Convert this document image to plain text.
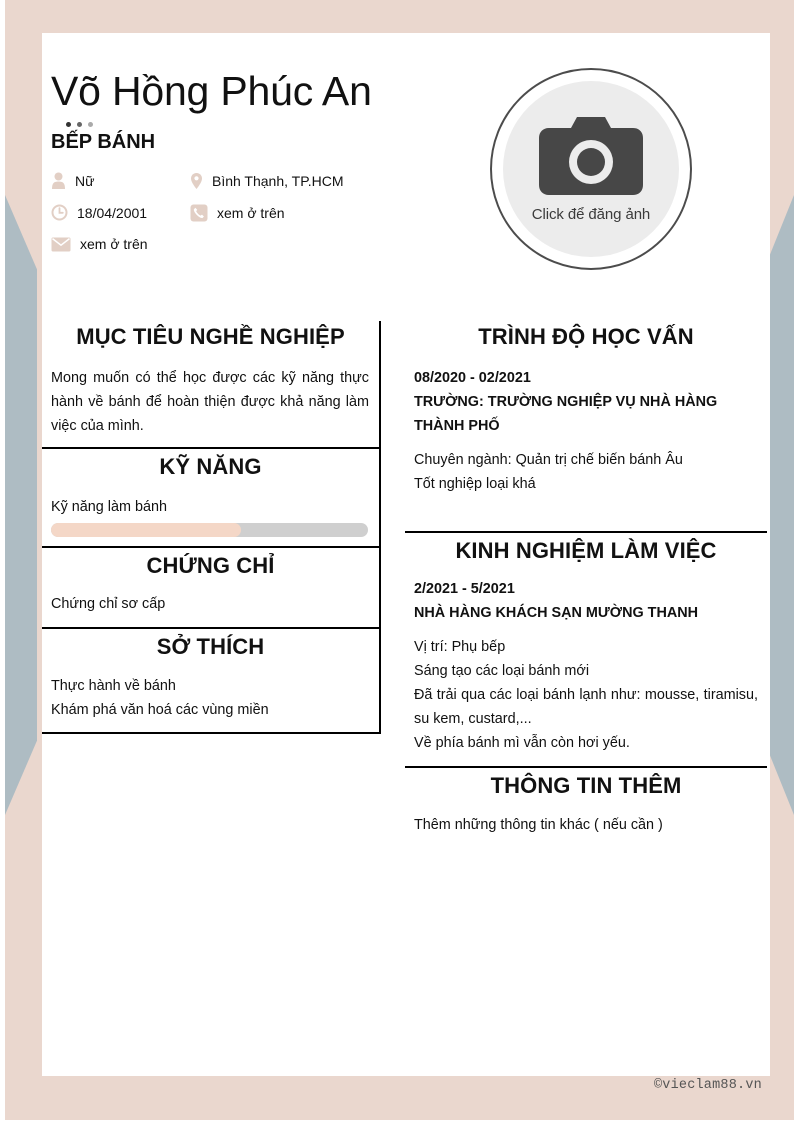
Võ Hồng Phúc An
BẾP BÁNH
Nữ	Bình Thạnh, TP.HCM
18/04/2001	xem ở trên
xem ở trên
Click để đăng ảnh
MỤC TIÊU NGHỀ NGHIỆP

Mong muốn có thể học được các kỹ năng thực hành về bánh để hoàn thiện được khả năng làm việc của mình.

KỸ NĂNG
Kỹ năng làm bánh
CHỨNG CHỈ

Chứng chỉ sơ cấp

SỞ THÍCH
Thực hành về bánh
Khám phá văn hoá các vùng miền
TRÌNH ĐỘ HỌC VẤN
08/2020 - 02/2021
TRƯỜNG: TRƯỜNG NGHIỆP VỤ NHÀ HÀNG THÀNH PHỐ
Chuyên ngành: Quản trị chế biến bánh Âu
Tốt nghiệp loại khá
KINH NGHIỆM LÀM VIỆC
2/2021 - 5/2021
NHÀ HÀNG KHÁCH SẠN MƯỜNG THANH
Vị trí: Phụ bếp
Sáng tạo các loại bánh mới
Đã trải qua các loại bánh lạnh như: mousse, tiramisu, su kem, custard,...
Về phía bánh mì vẫn còn hơi yếu.
THÔNG TIN THÊM
Thêm những thông tin khác ( nếu cần )
©vieclam88.vn
